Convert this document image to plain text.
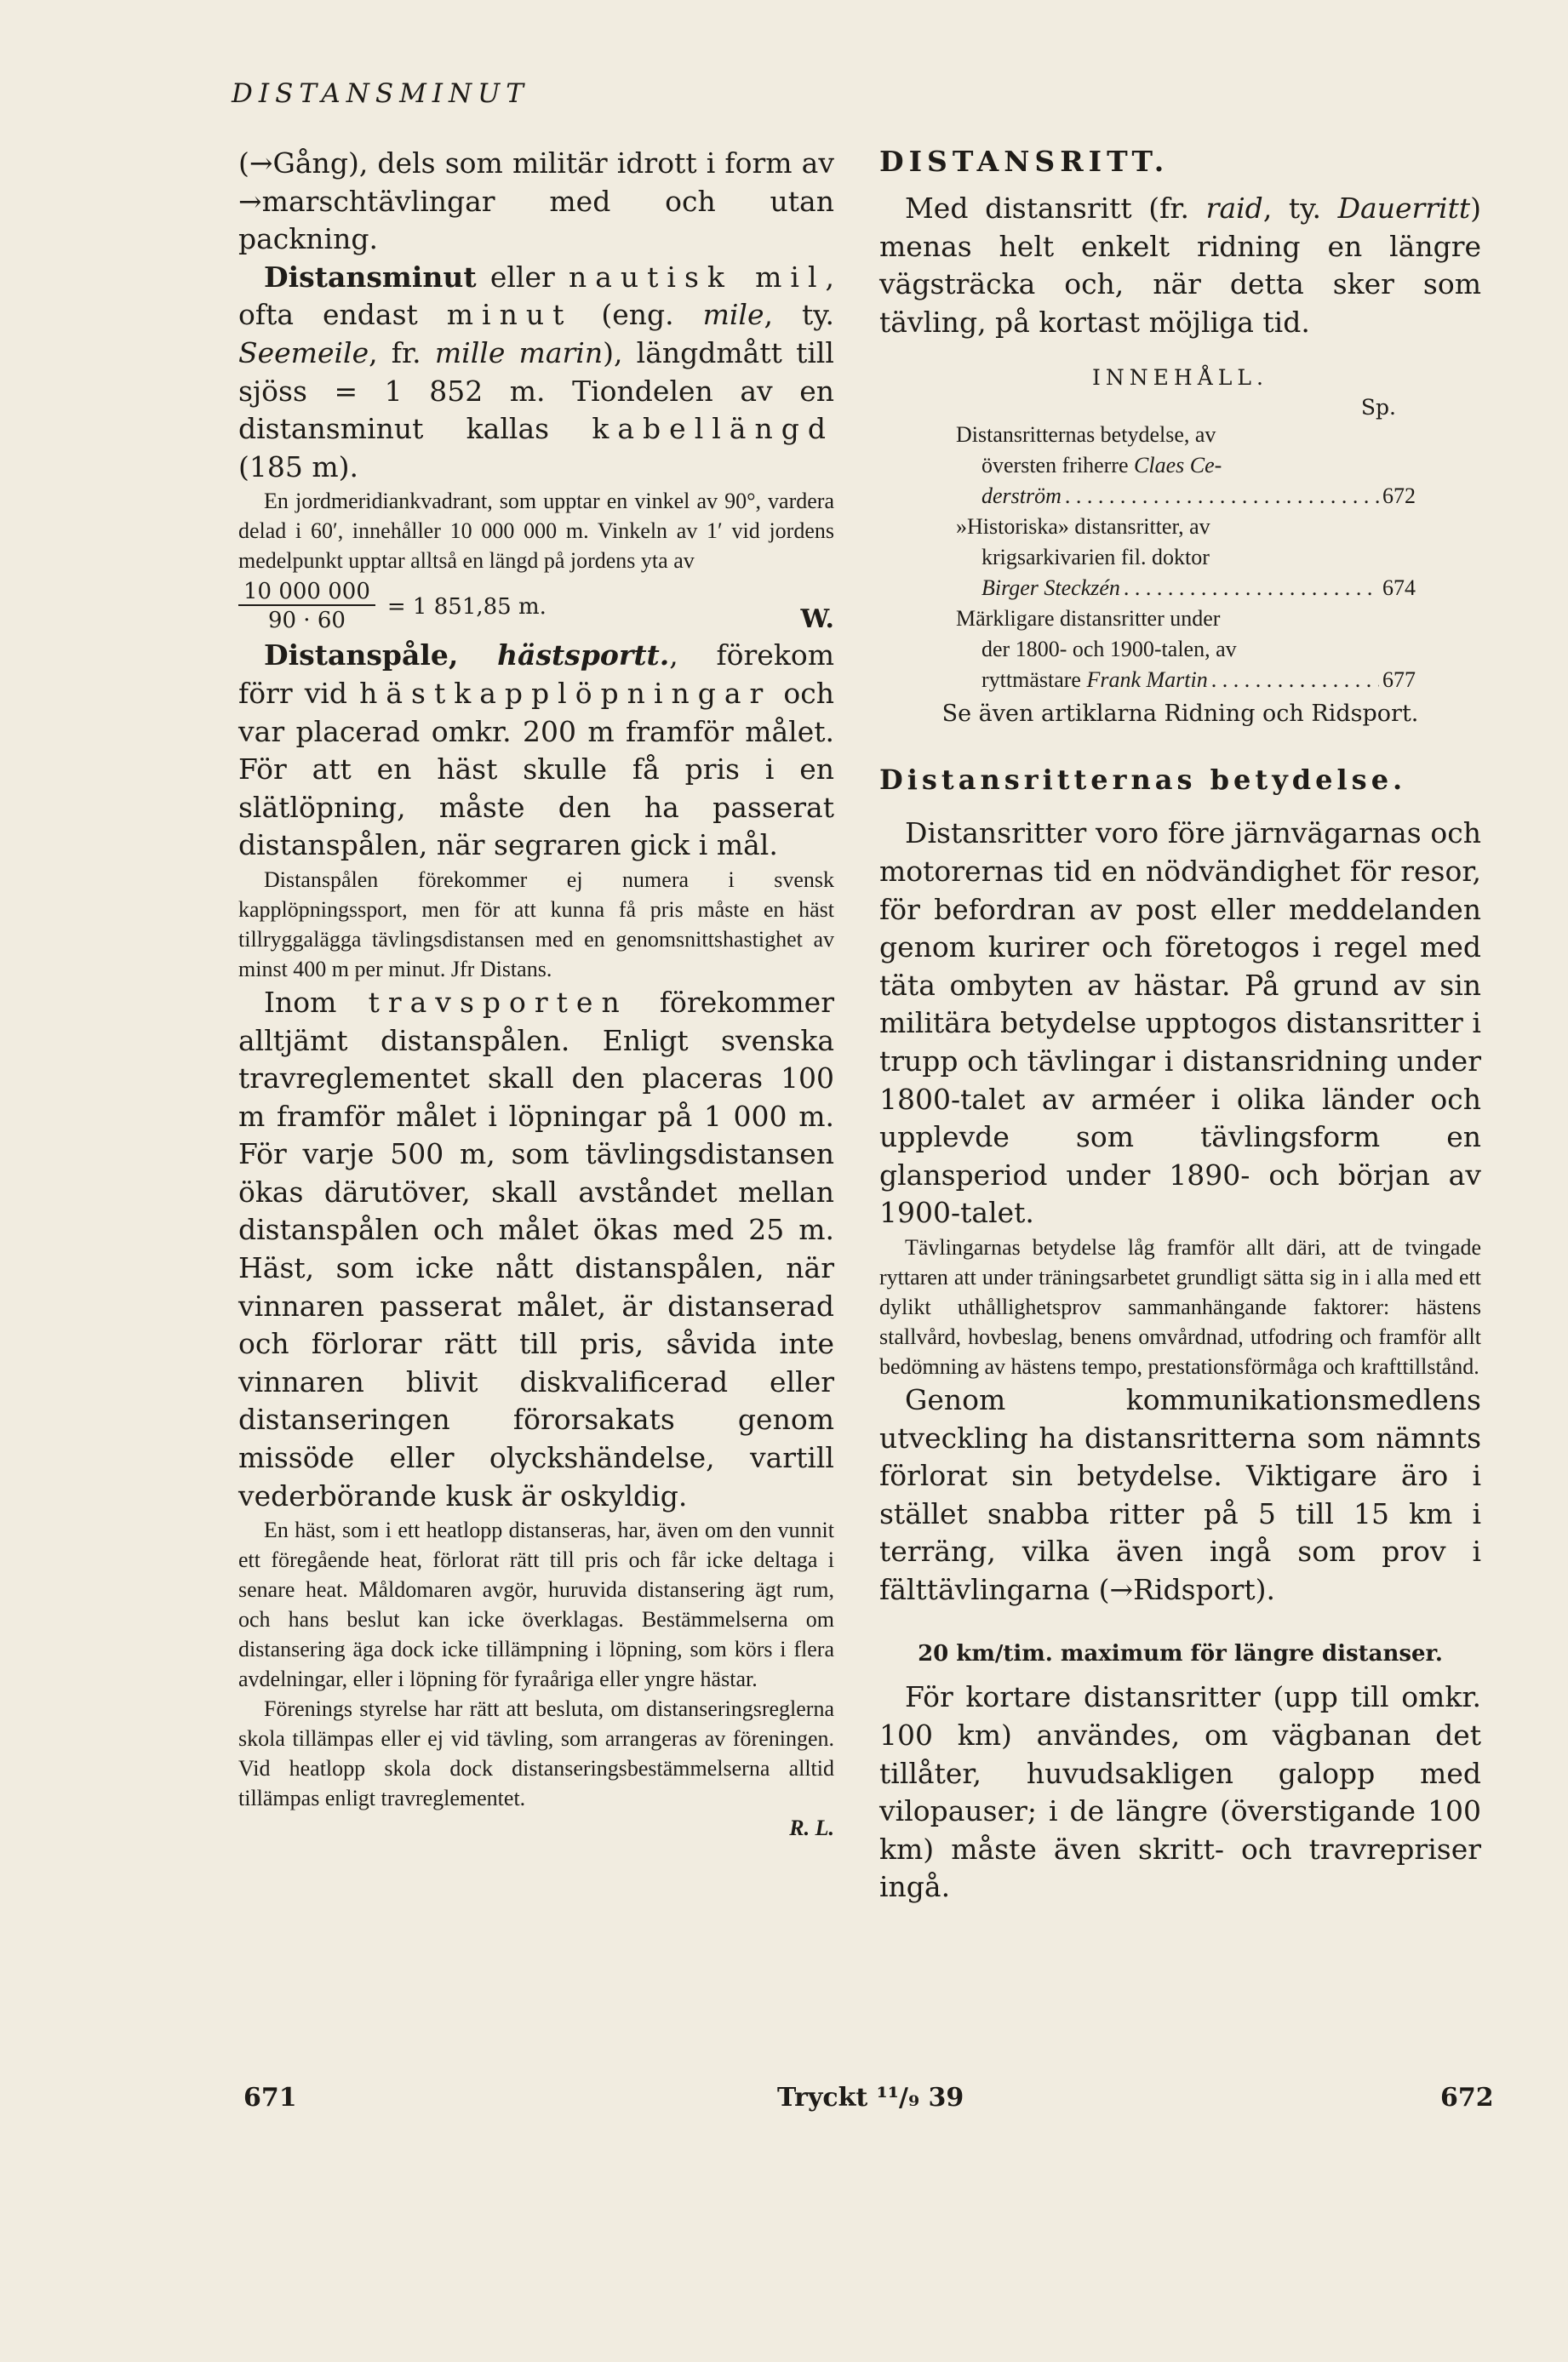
DISTANSMINUT

(→Gång), dels som militär idrott i form av →marschtävlingar med och utan packning.

Distansminut eller nautisk mil, ofta endast minut (eng. mile, ty. Seemeile, fr. mille marin), längdmått till sjöss = 1 852 m. Tiondelen av en distansminut kallas kabellängd (185 m).

En jordmeridiankvadrant, som upptar en vinkel av 90°, vardera delad i 60′, innehåller 10 000 000 m. Vinkeln av 1′ vid jordens medelpunkt upptar alltså en längd på jordens yta av

$\frac{10 000 000}{90 \cdot 60} = 1$ 851,85 m.	W.

Distanspåle, hästsportt., förekom förr vid hästkapplöpningar och var placerad omkr. 200 m framför målet. För att en häst skulle få pris i en slätlöpning, måste den ha passerat distanspålen, när segraren gick i mål.

Distanspålen förekommer ej numera i svensk kapplöpningssport, men för att kunna få pris måste en häst tillryggalägga tävlingsdistansen med en genomsnittshastighet av minst 400 m per minut. Jfr Distans.

Inom travsporten förekommer alltjämt distanspålen. Enligt svenska travreglementet skall den placeras 100 m framför målet i löpningar på 1 000 m. För varje 500 m, som tävlingsdistansen ökas därutöver, skall avståndet mellan distanspålen och målet ökas med 25 m. Häst, som icke nått distanspålen, när vinnaren passerat målet, är distanserad och förlorar rätt till pris, såvida inte vinnaren blivit diskvalificerad eller distanseringen förorsakats genom missöde eller olyckshändelse, vartill vederbörande kusk är oskyldig.

En häst, som i ett heatlopp distanseras, har, även om den vunnit ett föregående heat, förlorat rätt till pris och får icke deltaga i senare heat. Måldomaren avgör, huruvida distansering ägt rum, och hans beslut kan icke överklagas. Bestämmelserna om distansering äga dock icke tillämpning i löpning, som körs i flera avdelningar, eller i löpning för fyraåriga eller yngre hästar.

Förenings styrelse har rätt att besluta, om distanseringsreglerna skola tillämpas eller ej vid tävling, som arrangeras av föreningen. Vid heatlopp skola dock distanseringsbestämmelserna alltid tillämpas enligt travreglementet.

R. L.

DISTANSRITT.

Med distansritt (fr. raid, ty. Dauerritt) menas helt enkelt ridning en längre vägsträcka och, när detta sker som tävling, på kortast möjliga tid.

INNEHÅLL.
Sp.
Distansritternas betydelse, av
översten friherre Claes Ce-
derström . . .	672
»Historiska» distansritter, av
krigsarkivarien fil. doktor
Birger Steckzén . . .	674
Märkligare distansritter under
der 1800- och 1900-talen, av
ryttmästare Frank Martin . . .	677

Se även artiklarna Ridning och Ridsport.

Distansritternas betydelse.

Distansritter voro före järnvägarnas och motorernas tid en nödvändighet för resor, för befordran av post eller meddelanden genom kurirer och företogos i regel med täta ombyten av hästar. På grund av sin militära betydelse upptogos distansritter i trupp och tävlingar i distansridning under 1800-talet av arméer i olika länder och upplevde som tävlingsform en glansperiod under 1890- och början av 1900-talet.

Tävlingarnas betydelse låg framför allt däri, att de tvingade ryttaren att under träningsarbetet grundligt sätta sig in i alla med ett dylikt uthållighetsprov sammanhängande faktorer: hästens stallvård, hovbeslag, benens omvårdnad, utfodring och framför allt bedömning av hästens tempo, prestationsförmåga och krafttillstånd.

Genom kommunikationsmedlens utveckling ha distansritterna som nämnts förlorat sin betydelse. Viktigare äro i stället snabba ritter på 5 till 15 km i terräng, vilka även ingå som prov i fälttävlingarna (→Ridsport).

20 km/tim. maximum för längre distanser.

För kortare distansritter (upp till omkr. 100 km) användes, om vägbanan det tillåter, huvudsakligen galopp med vilopauser; i de längre (överstigande 100 km) måste även skritt- och travrepriser ingå.

671	Tryckt ¹¹/₉ 39	672
